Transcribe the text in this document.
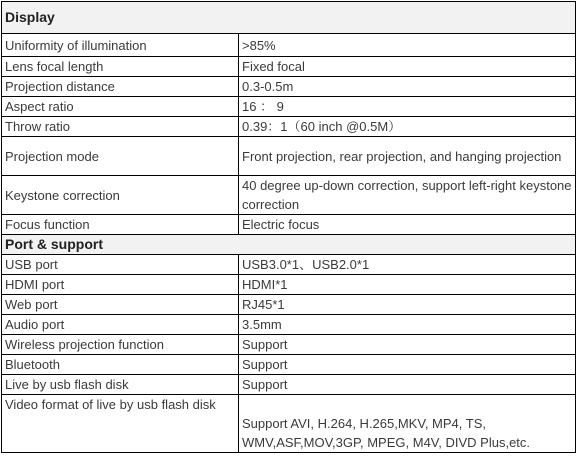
Display	
Uniformity of illumination	>85%
Lens focal length	Fixed focal
Projection distance	0.3-0.5m
Aspect ratio	16 ： 9
Throw ratio	0.39：1（60 inch @0.5M）
Projection mode	Front projection, rear projection, and hanging projection
Keystone correction	40 degree up-down correction, support left-right keystone correction
Focus function	Electric focus
Port & support	
USB port	USB3.0*1、USB2.0*1
HDMI port	HDMI*1
Web port	RJ45*1
Audio port	3.5mm
Wireless projection function	Support
Bluetooth	Support
Live by usb flash disk	Support
Video format of live by usb flash disk	Support AVI, H.264, H.265,MKV, MP4, TS, WMV,ASF,MOV,3GP, MPEG, M4V, DIVD Plus,etc.
